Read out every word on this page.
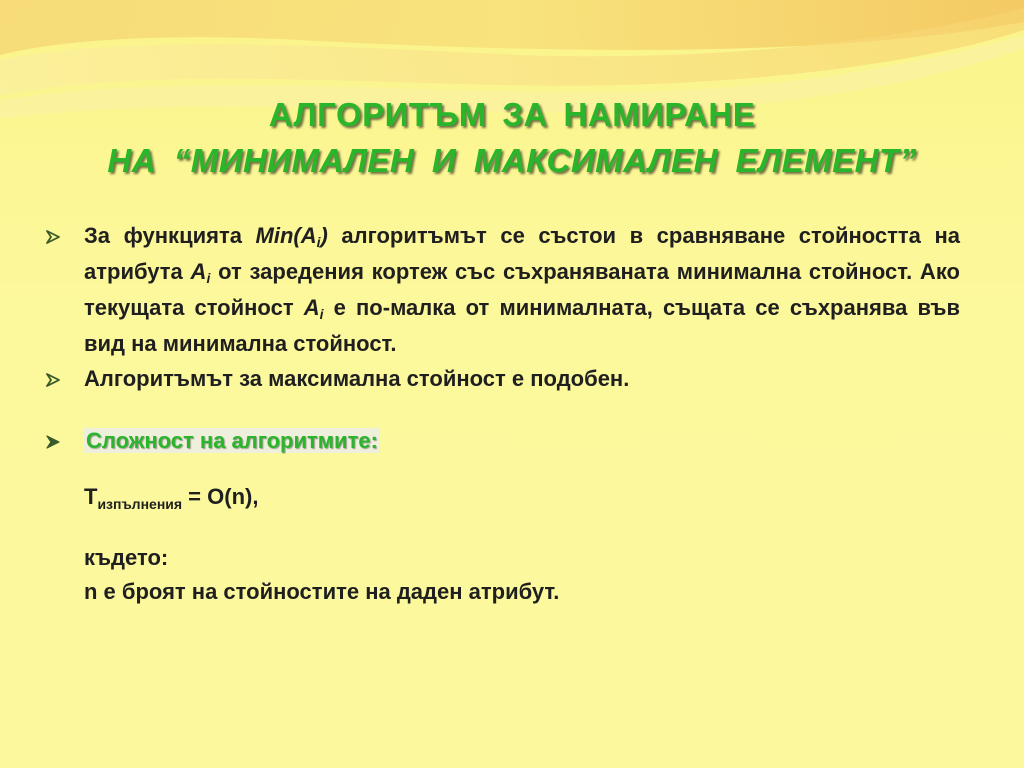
АЛГОРИТЪМ ЗА НАМИРАНЕ
НА “МИНИМАЛЕН И МАКСИМАЛЕН ЕЛЕМЕНТ”
За функцията $Min(A_i)$ алгоритъмът се състои в сравняване стойността на атрибута $A_i$ от заредения кортеж със съхраняваната минимална стойност. Ако текущата стойност $A_i$ е по-малка от минималната, същата се съхранява във вид на минимална стойност.
Алгоритъмът за максимална стойност е подобен.
Сложност на алгоритмите:
$T_{изпълнения} = O(n)$,
където:
n е броят на стойностите на даден атрибут.
